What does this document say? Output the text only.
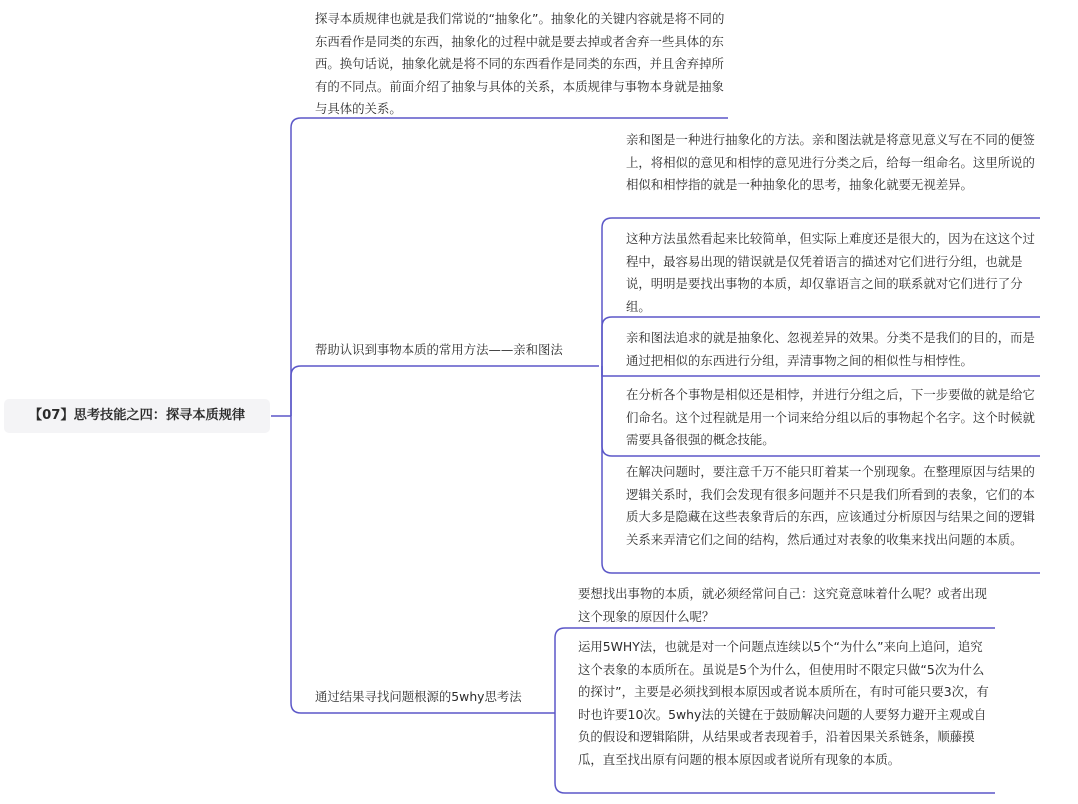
【07】思考技能之四：探寻本质规律
探寻本质规律也就是我们常说的“抽象化”。抽象化的关键内容就是将不同的东西看作是同类的东西，抽象化的过程中就是要去掉或者舍弃一些具体的东西。换句话说，抽象化就是将不同的东西看作是同类的东西，并且舍弃掉所有的不同点。前面介绍了抽象与具体的关系，本质规律与事物本身就是抽象与具体的关系。
帮助认识到事物本质的常用方法——亲和图法
亲和图是一种进行抽象化的方法。亲和图法就是将意见意义写在不同的便签上，将相似的意见和相悖的意见进行分类之后，给每一组命名。这里所说的相似和相悖指的就是一种抽象化的思考，抽象化就要无视差异。
这种方法虽然看起来比较简单，但实际上难度还是很大的，因为在这这个过程中，最容易出现的错误就是仅凭着语言的描述对它们进行分组，也就是说，明明是要找出事物的本质，却仅靠语言之间的联系就对它们进行了分组。
亲和图法追求的就是抽象化、忽视差异的效果。分类不是我们的目的，而是通过把相似的东西进行分组，弄清事物之间的相似性与相悖性。
在分析各个事物是相似还是相悖，并进行分组之后，下一步要做的就是给它们命名。这个过程就是用一个词来给分组以后的事物起个名字。这个时候就需要具备很强的概念技能。
在解决问题时，要注意千万不能只盯着某一个别现象。在整理原因与结果的逻辑关系时，我们会发现有很多问题并不只是我们所看到的表象，它们的本质大多是隐藏在这些表象背后的东西，应该通过分析原因与结果之间的逻辑关系来弄清它们之间的结构，然后通过对表象的收集来找出问题的本质。
通过结果寻找问题根源的5why思考法
要想找出事物的本质，就必须经常问自己：这究竟意味着什么呢？或者出现这个现象的原因什么呢？
运用5WHY法，也就是对一个问题点连续以5个“为什么”来向上追问，追究这个表象的本质所在。虽说是5个为什么，但使用时不限定只做“5次为什么的探讨”，主要是必须找到根本原因或者说本质所在，有时可能只要3次，有时也许要10次。5why法的关键在于鼓励解决问题的人要努力避开主观或自负的假设和逻辑陷阱，从结果或者表现着手，沿着因果关系链条，顺藤摸瓜，直至找出原有问题的根本原因或者说所有现象的本质。
